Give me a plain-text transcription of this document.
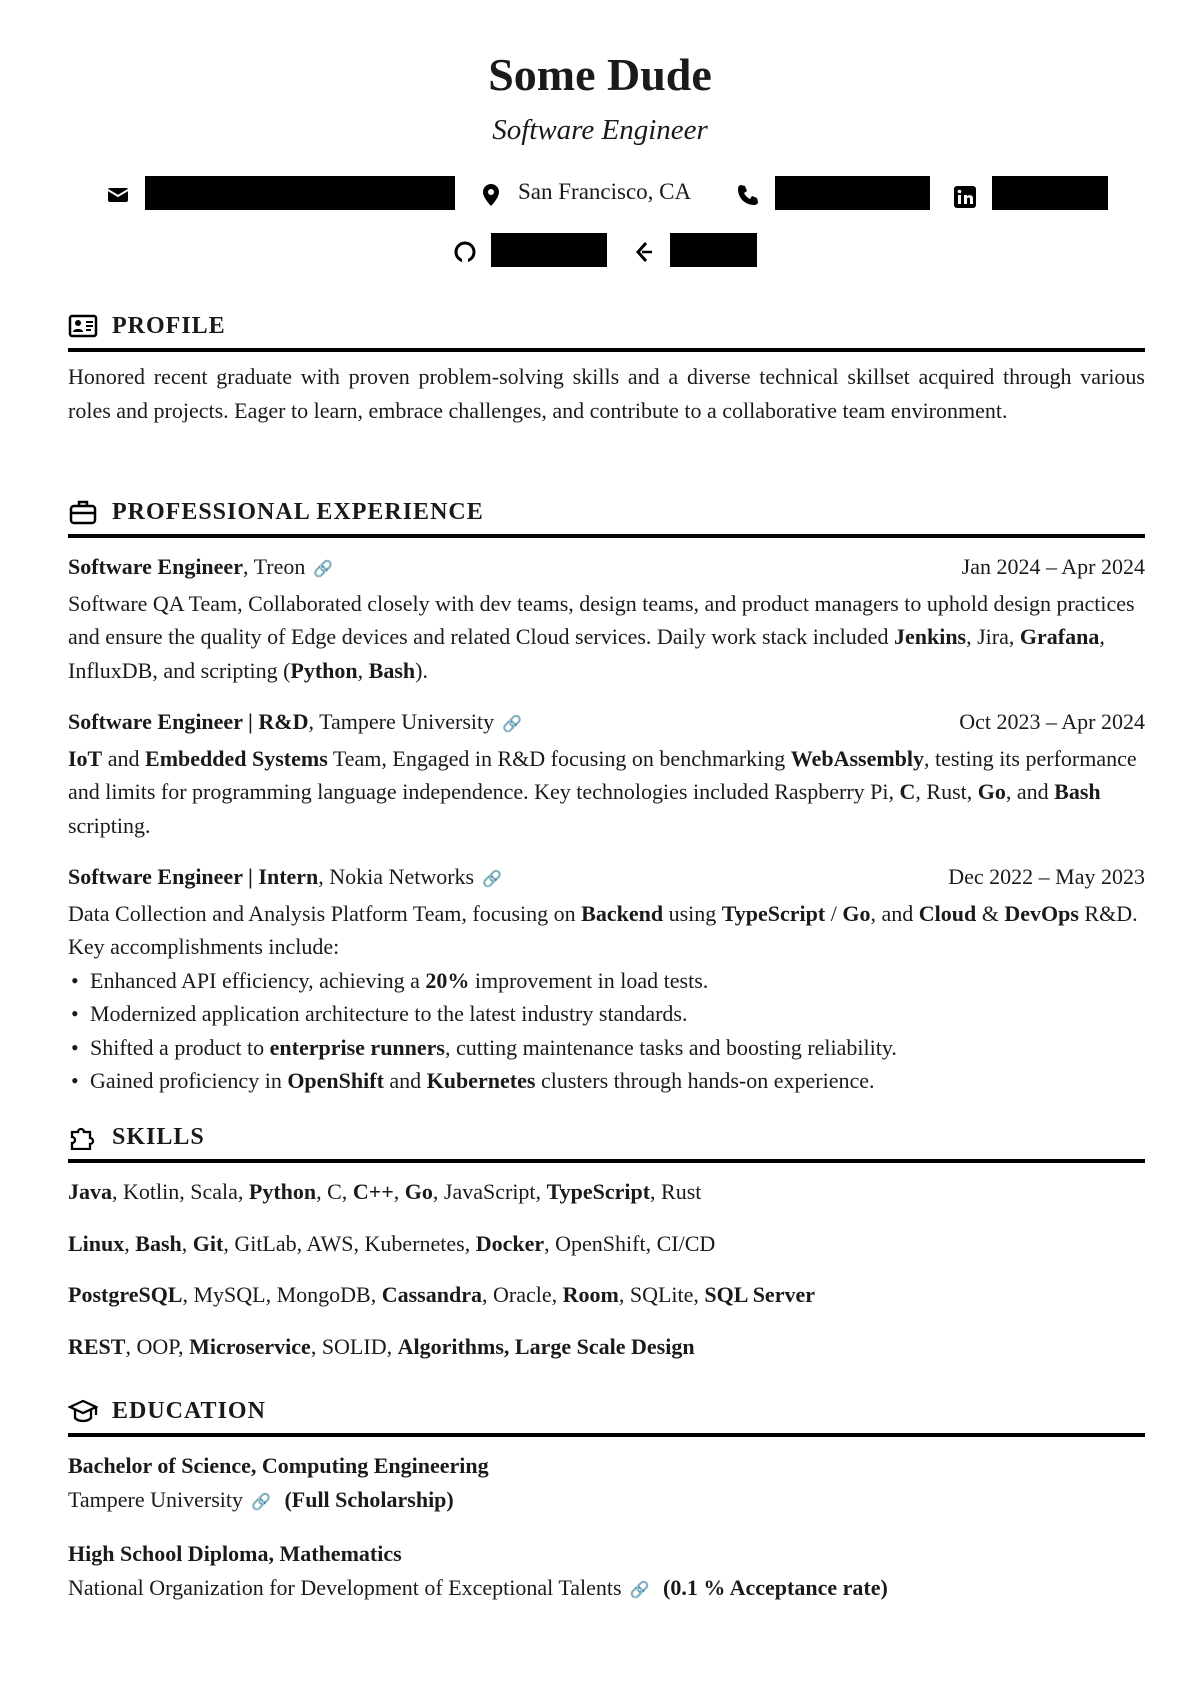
Some Dude
Software Engineer
San Francisco, CA
PROFILE
Honored recent graduate with proven problem-solving skills and a diverse technical skillset acquired through various roles and projects. Eager to learn, embrace challenges, and contribute to a collaborative team environment.
PROFESSIONAL EXPERIENCE
Software Engineer, Treon 🔗	Jan 2024 – Apr 2024
Software QA Team, Collaborated closely with dev teams, design teams, and product managers to uphold design practices and ensure the quality of Edge devices and related Cloud services. Daily work stack included Jenkins, Jira, Grafana, InfluxDB, and scripting (Python, Bash).
Software Engineer | R&D, Tampere University 🔗	Oct 2023 – Apr 2024
IoT and Embedded Systems Team, Engaged in R&D focusing on benchmarking WebAssembly, testing its performance and limits for programming language independence. Key technologies included Raspberry Pi, C, Rust, Go, and Bash scripting.
Software Engineer | Intern, Nokia Networks 🔗	Dec 2022 – May 2023
Data Collection and Analysis Platform Team, focusing on Backend using TypeScript / Go, and Cloud & DevOps R&D. Key accomplishments include:
• Enhanced API efficiency, achieving a 20% improvement in load tests.
• Modernized application architecture to the latest industry standards.
• Shifted a product to enterprise runners, cutting maintenance tasks and boosting reliability.
• Gained proficiency in OpenShift and Kubernetes clusters through hands-on experience.
SKILLS
Java, Kotlin, Scala, Python, C, C++, Go, JavaScript, TypeScript, Rust
Linux, Bash, Git, GitLab, AWS, Kubernetes, Docker, OpenShift, CI/CD
PostgreSQL, MySQL, MongoDB, Cassandra, Oracle, Room, SQLite, SQL Server
REST, OOP, Microservice, SOLID, Algorithms, Large Scale Design
EDUCATION
Bachelor of Science, Computing Engineering
Tampere University 🔗 (Full Scholarship)
High School Diploma, Mathematics
National Organization for Development of Exceptional Talents 🔗 (0.1 % Acceptance rate)
